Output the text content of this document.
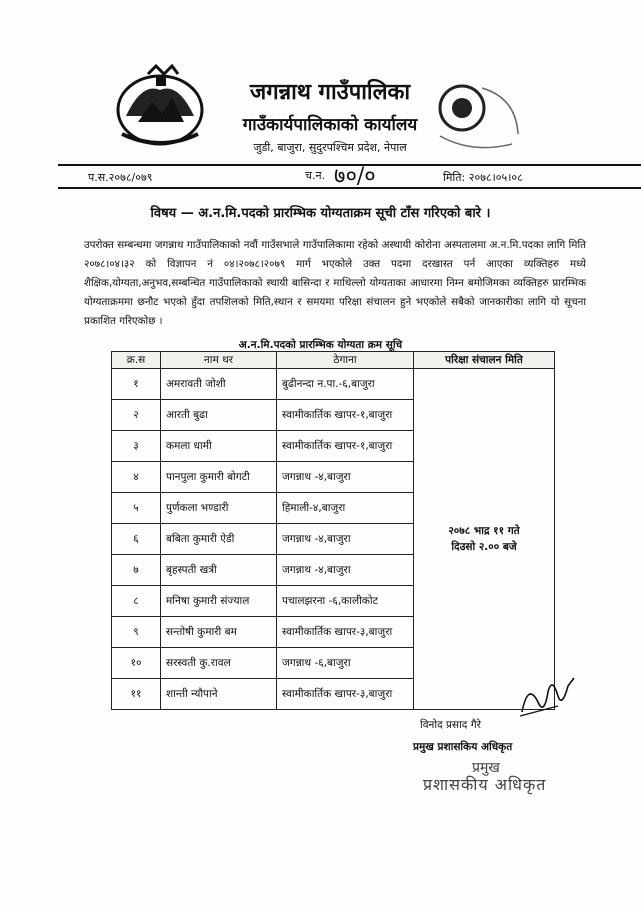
जगन्नाथ गाउँपालिका
गाउँकार्यपालिकाको कार्यालय
जुडी, बाजुरा, सुदुरपश्चिम प्रदेश, नेपाल
प.स.२०७८/०७९	च.न. ७०/०	मिति: २०७८।०५।०८
विषय — अ.न.मि.पदको प्रारम्भिक योग्यताक्रम सूची टाँस गरिएको बारे ।
उपरोक्त सम्बन्धमा जगन्नाथ गाउँपालिकाको नवौं गाउँसभाले गाउँपालिकामा रहेको अस्थायी कोरोना अस्पतालमा अ.न.मि.पदका लागि मिति २०७८।०४।३२ को विज्ञापन नं ०४।२०७८।२०७९ मार्ग भएकोले उक्त पदमा दरखास्त पर्न आएका व्यक्तिहरु मध्ये शैक्षिक,योग्यता,अनुभव,सम्बन्धित गाउँपालिकाको स्थायी बासिन्दा र माथिल्लो योग्यताका आधारमा निम्न बमोजिमका व्यक्तिहरु प्रारम्भिक योग्यताक्रममा छनौट भएको हुँदा तपशिलको मिति,स्थान र समयमा परिक्षा संचालन हुने भएकोले सबैको जानकारीका लागि यो सूचना प्रकाशित गरिएकोछ ।
अ.न.मि.पदको प्रारम्भिक योग्यता क्रम सूचि
क्र.स	नाम थर	ठेगाना	परिक्षा संचालन मिति
१	अमरावती जोशी	बुढीनन्दा न.पा.-६,बाजुरा	२०७८ भाद्र ११ गते
दिउसो २.०० बजे

२	आरती बुढा	स्वामीकार्तिक खापर-१,बाजुरा	
३	कमला धामी	स्वामीकार्तिक खापर-१,बाजुरा	
४	पानपुला कुमारी बोगटी	जगन्नाथ -४,बाजुरा	
५	पुर्णकला भण्डारी	हिमाली-४,बाजुरा	
६	बबिता कुमारी ऐडी	जगन्नाथ -४,बाजुरा	
७	बृहस्पती खत्री	जगन्नाथ -४,बाजुरा	
८	मनिषा कुमारी संज्याल	पचालझरना -६,कालीकोट	
९	सन्तोषी कुमारी बम	स्वामीकार्तिक खापर-३,बाजुरा	
१०	सरस्वती कु.रावल	जगन्नाथ -६,बाजुरा	
११	शान्ती न्यौपाने	स्वामीकार्तिक खापर-३,बाजुरा	
विनोद प्रसाद गैरे
प्रमुख प्रशासकिय अधिकृत
प्रमुख
प्रशासकीय अधिकृत
